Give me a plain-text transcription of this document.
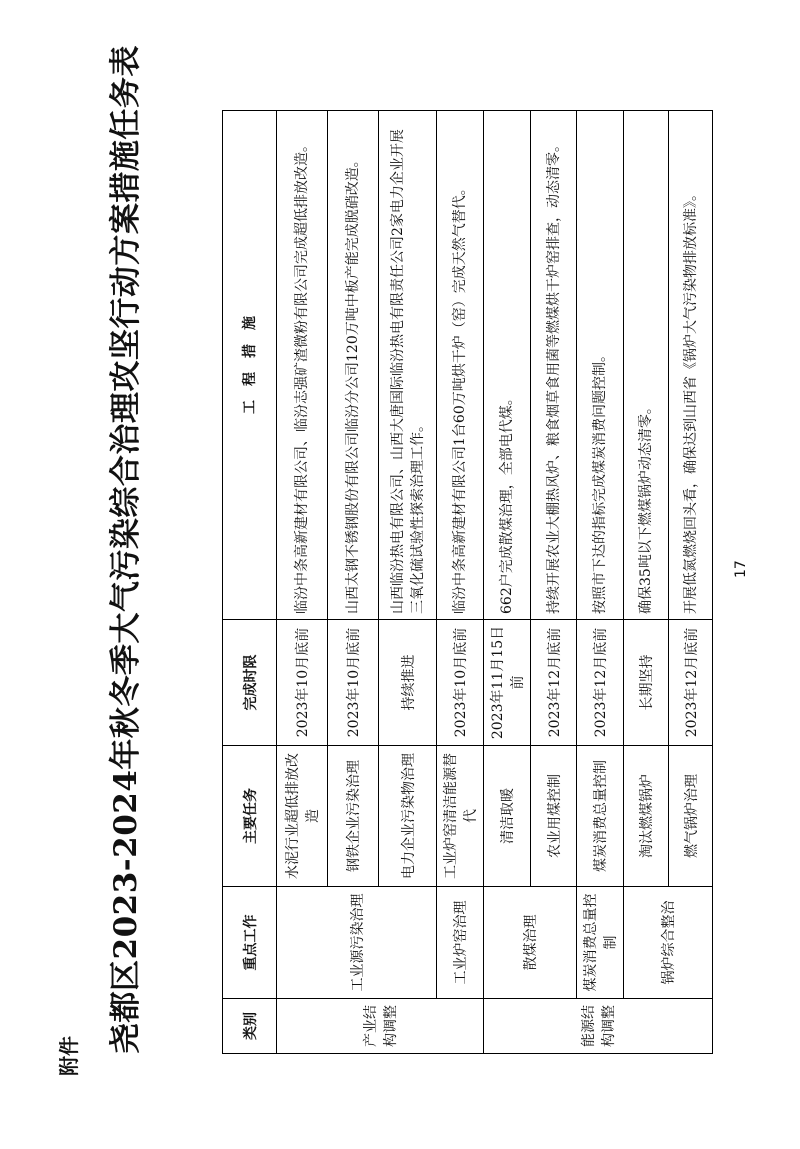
附件
尧都区2023-2024年秋冬季大气污染综合治理攻坚行动方案措施任务表	类别	重点工作	主要任务	完成时限	工　程　措　施
产业结构调整	工业源污染治理	水泥行业超低排放改造	2023年10月底前	临汾中条高新建材有限公司、临汾志强矿渣微粉有限公司完成超低排放改造。
		钢铁企业污染治理	2023年10月底前	山西太钢不锈钢股份有限公司临汾分公司120万吨中板产能完成脱硝改造。
		电力企业污染物治理	持续推进	山西临汾热电有限公司、山西大唐国际临汾热电有限责任公司2家电力企业开展三氧化硫试验性探索治理工作。
	工业炉窑治理	工业炉窑清洁能源替代	2023年10月底前	临汾中条高新建材有限公司1台60万吨烘干炉（窑）完成天然气替代。
能源结构调整	散煤治理	清洁取暖	2023年11月15日前	662户完成散煤治理，全部电代煤。
		农业用煤控制	2023年12月底前	持续开展农业大棚热风炉、粮食烟草食用菌等燃煤烘干炉窑排查，动态清零。
	煤炭消费总量控制	煤炭消费总量控制	2023年12月底前	按照市下达的指标完成煤炭消费问题控制。
	锅炉综合整治	淘汰燃煤锅炉	长期坚持	确保35吨以下燃煤锅炉动态清零。
		燃气锅炉治理	2023年12月底前	开展低氮燃烧回头看，确保达到山西省《锅炉大气污染物排放标准》。 17
